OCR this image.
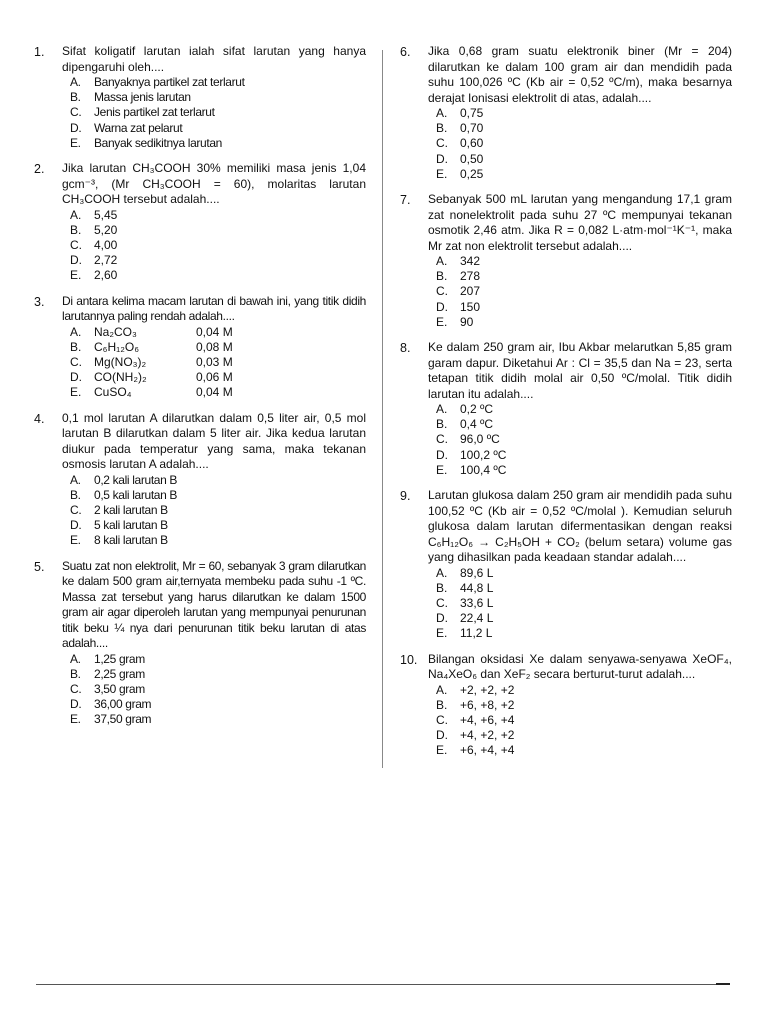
1. Sifat koligatif larutan ialah sifat larutan yang hanya dipengaruhi oleh....
A.	Banyaknya partikel zat terlarut
B.	Massa jenis larutan
C.	Jenis partikel zat terlarut
D.	Warna zat pelarut
E.	Banyak sedikitnya larutan
2. Jika larutan CH₃COOH 30% memiliki masa jenis 1,04 gcm⁻³, (Mr CH₃COOH = 60), molaritas larutan CH₃COOH tersebut adalah....
A.	5,45
B.	5,20
C.	4,00
D.	2,72
E.	2,60
3. Di antara kelima macam larutan di bawah ini, yang titik didih larutannya paling rendah adalah....
A.	Na₂CO₃	0,04 M
B.	C₆H₁₂O₆	0,08 M
C.	Mg(NO₃)₂	0,03 M
D.	CO(NH₂)₂	0,06 M
E.	CuSO₄	0,04 M
4. 0,1 mol larutan A dilarutkan dalam 0,5 liter air, 0,5 mol larutan B dilarutkan dalam 5 liter air. Jika kedua larutan diukur pada temperatur yang sama, maka tekanan osmosis larutan A adalah....
A.	0,2 kali larutan B
B.	0,5 kali larutan B
C.	2 kali larutan B
D.	5 kali larutan B
E.	8 kali larutan B
5. Suatu zat non elektrolit, Mr = 60, sebanyak 3 gram dilarutkan ke dalam 500 gram air,ternyata membeku pada suhu -1 ºC. Massa zat tersebut yang harus dilarutkan ke dalam 1500 gram air agar diperoleh larutan yang mempunyai penurunan titik beku ¼ nya dari penurunan titik beku larutan di atas adalah....
A.	1,25 gram
B.	2,25 gram
C.	3,50 gram
D.	36,00 gram
E.	37,50 gram
6. Jika 0,68 gram suatu elektronik biner (Mr = 204) dilarutkan ke dalam 100 gram air dan mendidih pada suhu 100,026 ºC (Kb air = 0,52 ºC/m), maka besarnya derajat Ionisasi elektrolit di atas, adalah....
A.	0,75
B.	0,70
C.	0,60
D.	0,50
E.	0,25
7. Sebanyak 500 mL larutan yang mengandung 17,1 gram zat nonelektrolit pada suhu 27 ºC mempunyai tekanan osmotik 2,46 atm. Jika R = 0,082 L·atm·mol⁻¹K⁻¹, maka Mr zat non elektrolit tersebut adalah....
A.	342
B.	278
C.	207
D.	150
E.	90
8. Ke dalam 250 gram air, Ibu Akbar melarutkan 5,85 gram garam dapur. Diketahui Ar : Cl = 35,5 dan Na = 23, serta tetapan titik didih molal air 0,50 ºC/molal. Titik didih larutan itu adalah....
A.	0,2 ºC
B.	0,4 ºC
C.	96,0 ºC
D.	100,2 ºC
E.	100,4 ºC
9. Larutan glukosa dalam 250 gram air mendidih pada suhu 100,52 ºC (Kb air = 0,52 ºC/molal ). Kemudian seluruh glukosa dalam larutan difermentasikan dengan reaksi C₆H₁₂O₆ → C₂H₅OH + CO₂ (belum setara) volume gas yang dihasilkan pada keadaan standar adalah....
A.	89,6 L
B.	44,8 L
C.	33,6 L
D.	22,4 L
E.	11,2 L
10. Bilangan oksidasi Xe dalam senyawa-senyawa XeOF₄, Na₄XeO₆ dan XeF₂ secara berturut-turut adalah....
A.	+2, +2, +2
B.	+6, +8, +2
C.	+4, +6, +4
D.	+4, +2, +2
E.	+6, +4, +4
